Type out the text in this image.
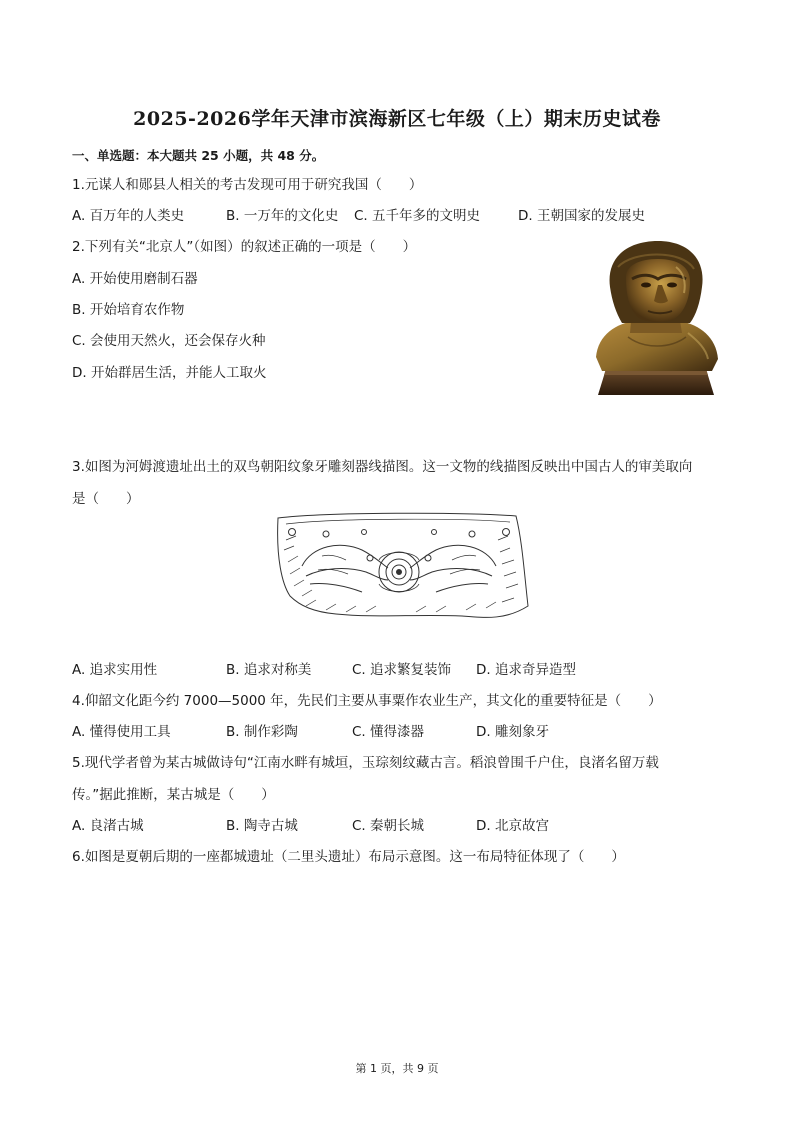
2025-2026学年天津市滨海新区七年级（上）期末历史试卷
一、单选题：本大题共 25 小题，共 48 分。
1.元谋人和郧县人相关的考古发现可用于研究我国（　　）
A. 百万年的人类史	B. 一万年的文化史 C. 五千年多的文明史	D. 王朝国家的发展史
2.下列有关“北京人”（如图）的叙述正确的一项是（　　）
A. 开始使用磨制石器
B. 开始培育农作物
C. 会使用天然火，还会保存火种
D. 开始群居生活，并能人工取火
3.如图为河姆渡遗址出土的双鸟朝阳纹象牙雕刻器线描图。这一文物的线描图反映出中国古人的审美取向
是（　　）
A. 追求实用性	B. 追求对称美	C. 追求繁复装饰 D. 追求奇异造型
4.仰韶文化距今约 7000—5000 年，先民们主要从事粟作农业生产，其文化的重要特征是（　　）
A. 懂得使用工具	B. 制作彩陶	C. 懂得漆器	D. 雕刻象牙
5.现代学者曾为某古城做诗句“江南水畔有城垣，玉琮刻纹藏古言。稻浪曾围千户住，良渚名留万载
传。”据此推断，某古城是（　　）
A. 良渚古城	B. 陶寺古城	C. 秦朝长城	D. 北京故宫
6.如图是夏朝后期的一座都城遗址（二里头遗址）布局示意图。这一布局特征体现了（　　）
第 1 页，共 9 页
